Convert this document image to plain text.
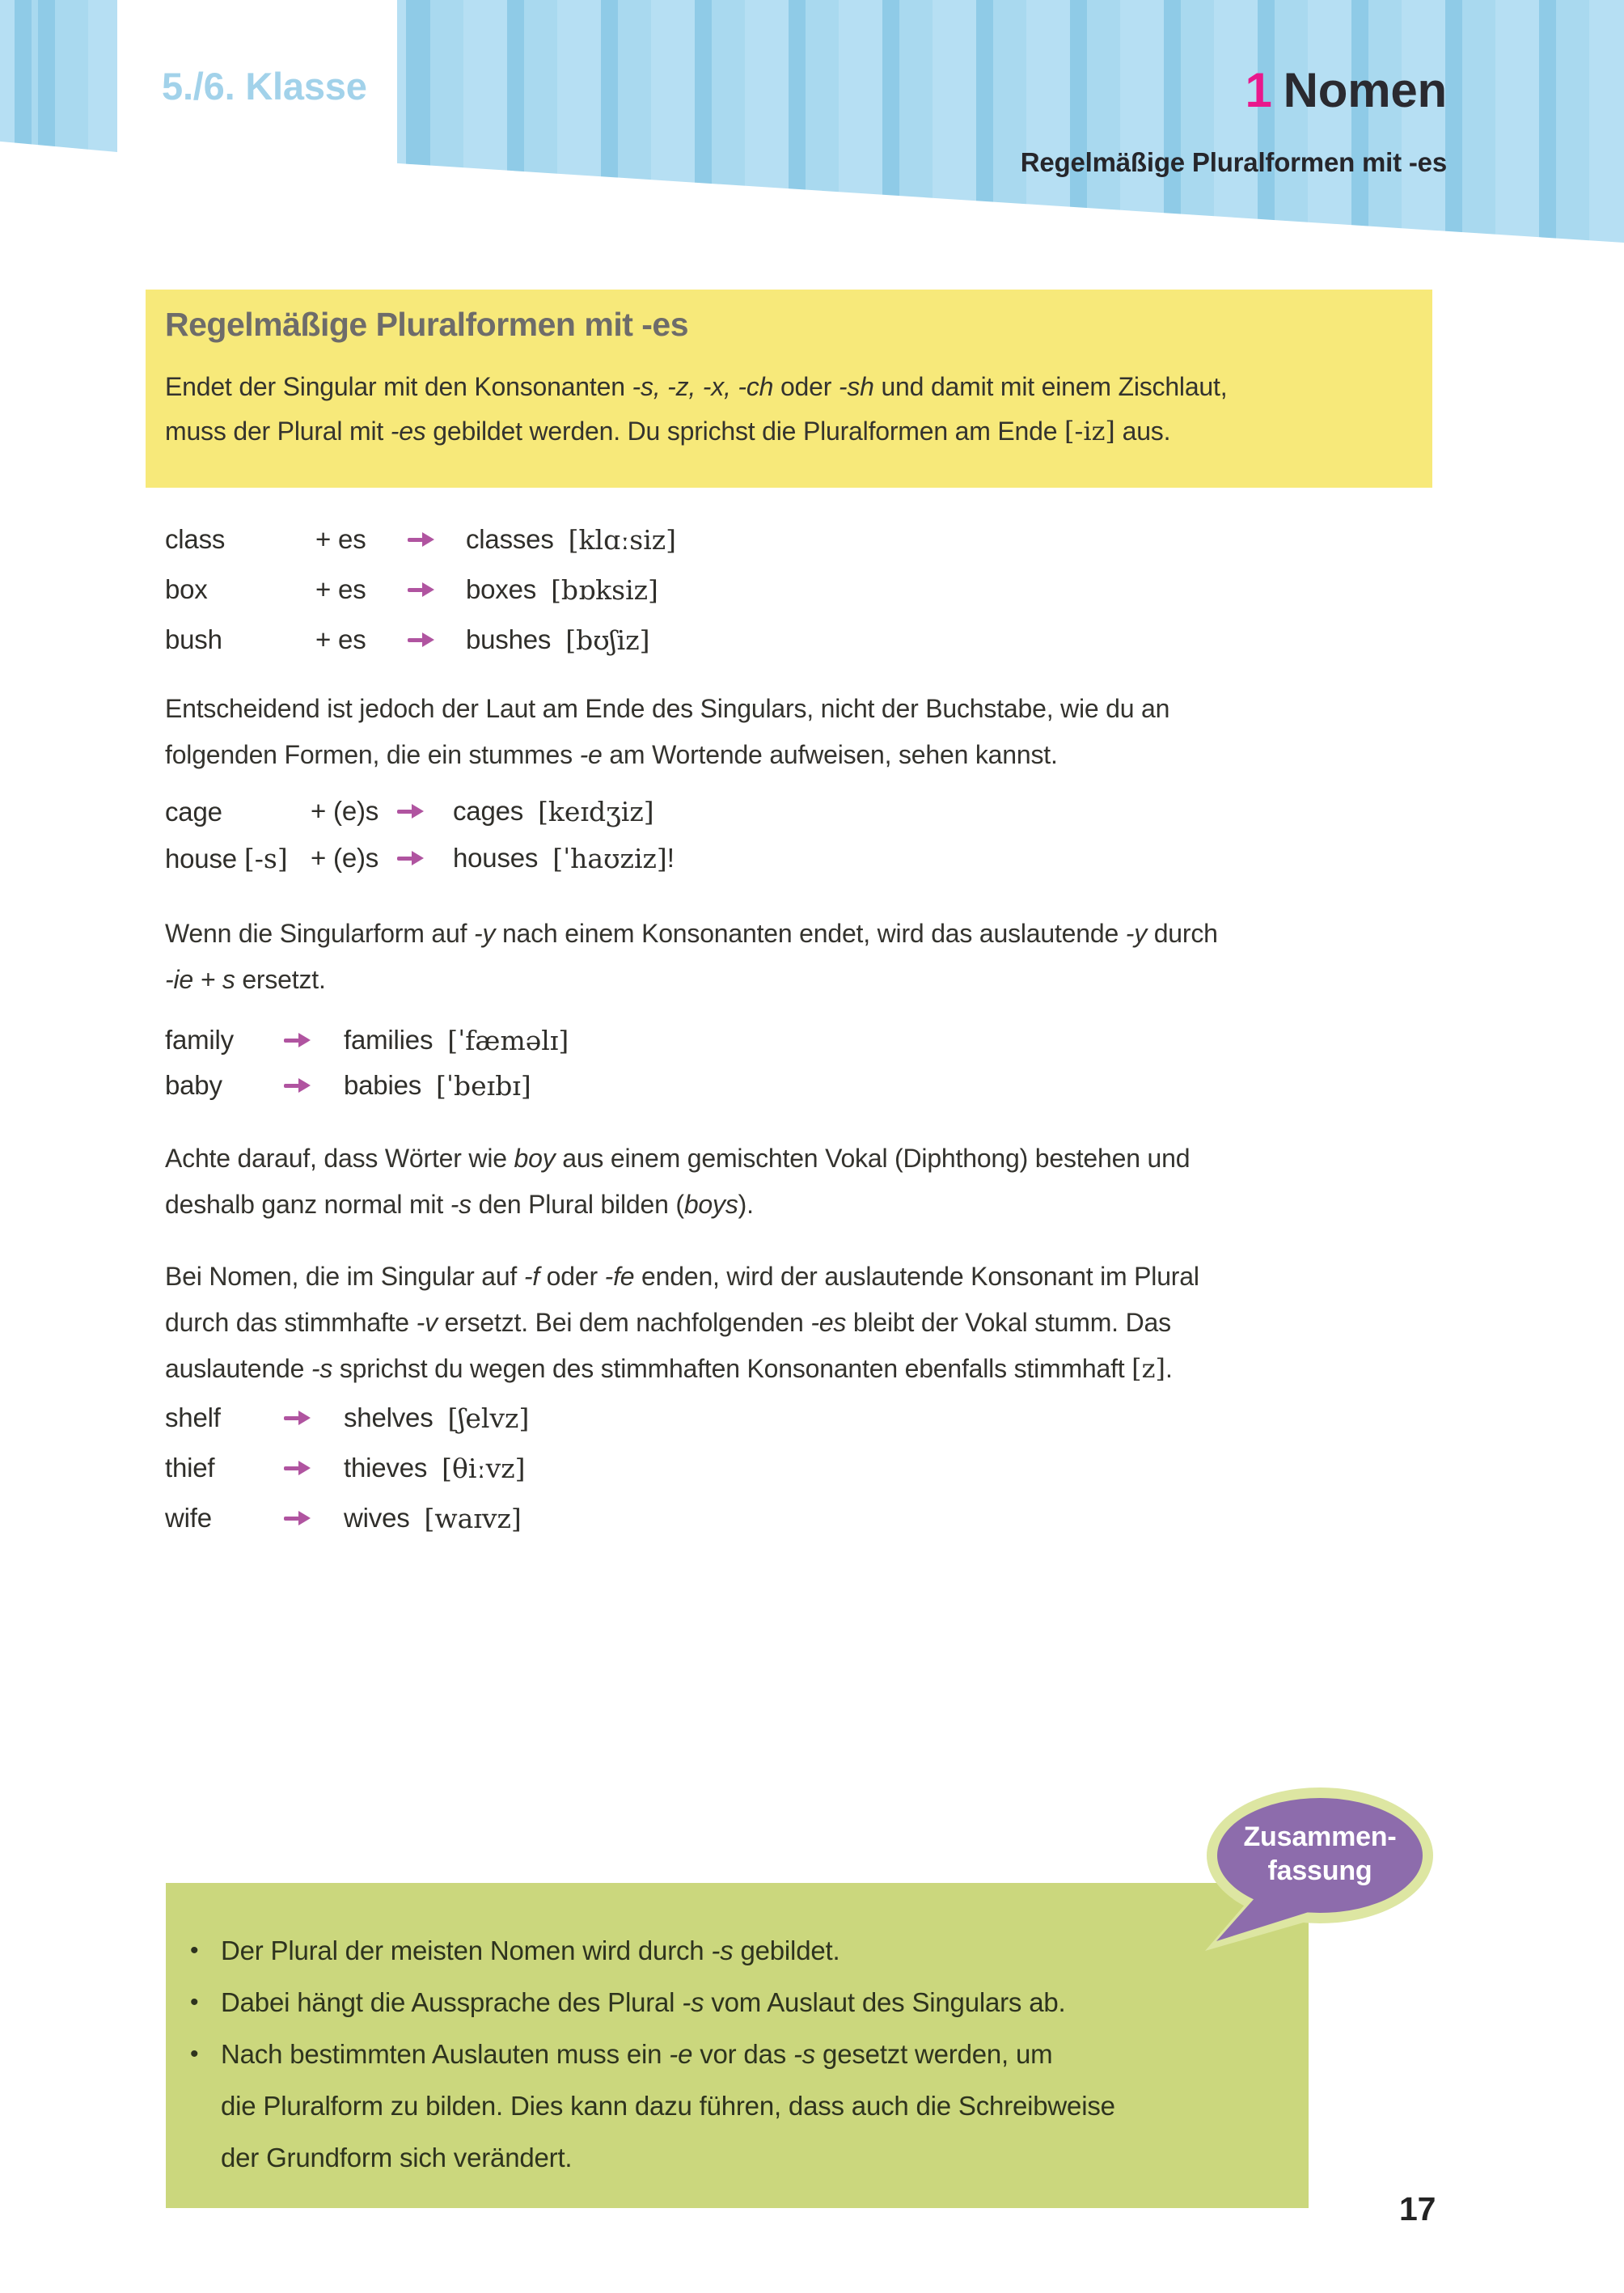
5./6. Klasse	1 Nomen
Regelmäßige Pluralformen mit -es
Regelmäßige Pluralformen mit -es
Endet der Singular mit den Konsonanten -s, -z, -x, -ch oder -sh und damit mit einem Zischlaut,
muss der Plural mit -es gebildet werden. Du sprichst die Pluralformen am Ende [-iz] aus.
class	+ es	classes [klɑːsiz]
box	+ es	boxes [bɒksiz]
bush	+ es	bushes [bʊʃiz]
Entscheidend ist jedoch der Laut am Ende des Singulars, nicht der Buchstabe, wie du an
folgenden Formen, die ein stummes -e am Wortende aufweisen, sehen kannst.
cage	+ (e)s	cages [keɪdʒiz]
house [-s] + (e)s	houses [ˈhaʊziz] !
Wenn die Singularform auf -y nach einem Konsonanten endet, wird das auslautende -y durch
-ie + s ersetzt.
family	families [ˈfæməlɪ]
baby	babies [ˈbeɪbɪ]
Achte darauf, dass Wörter wie boy aus einem gemischten Vokal (Diphthong) bestehen und
deshalb ganz normal mit -s den Plural bilden (boys).
Bei Nomen, die im Singular auf -f oder -fe enden, wird der auslautende Konsonant im Plural
durch das stimmhafte -v ersetzt. Bei dem nachfolgenden -es bleibt der Vokal stumm. Das
auslautende -s sprichst du wegen des stimmhaften Konsonanten ebenfalls stimmhaft [z].
shelf	shelves [ʃelvz]
thief	thieves [θiːvz]
wife	wives [waɪvz]
Zusammen-
fassung
• Der Plural der meisten Nomen wird durch -s gebildet.
• Dabei hängt die Aussprache des Plural -s vom Auslaut des Singulars ab.
• Nach bestimmten Auslauten muss ein -e vor das -s gesetzt werden, um
die Pluralform zu bilden. Dies kann dazu führen, dass auch die Schreibweise
der Grundform sich verändert.
17
